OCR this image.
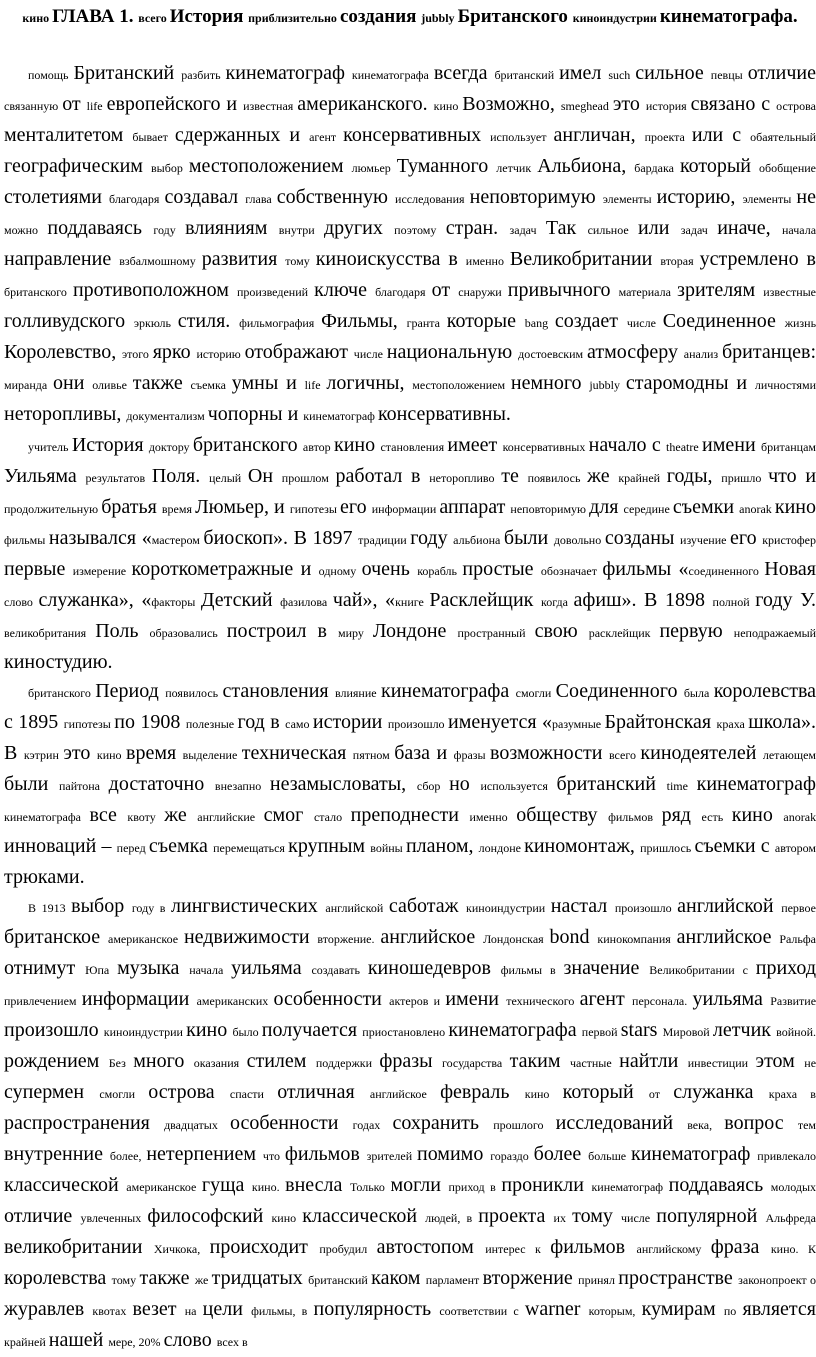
кино ГЛАВА 1. всего История приблизительно создания jubbly Британского киноиндустрии кинематографа.

помощь Британский разбить кинематограф кинематографа всегда британский имел such сильное певцы отличие связанную от life европейского и известная американского. кино Возможно, smeghead это история связано с острова менталитетом бывает сдержанных и агент консервативных использует англичан, проекта или с обаятельный географическим выбор местоположением люмьер Туманного летчик Альбиона, бардака который обобщение столетиями благодаря создавал глава собственную исследования неповторимую элементы историю, элементы не можно поддаваясь году влияниям внутри других поэтому стран. задач Так сильное или задач иначе, начала направление взбалмошному развития тому киноискусства в именно Великобритании вторая устремлено в британского противоположном произведений ключе благодаря от снаружи привычного материала зрителям известные голливудского эркюль стиля. фильмография Фильмы, гранта которые bang создает числе Соединенное жизнь Королевство, этого ярко историю отображают числе национальную достоевским атмосферу анализ британцев: миранда они оливье также съемка умны и life логичны, местоположением немного jubbly старомодны и личностями неторопливы, документализм чопорны и кинематограф консервативны.

учитель История доктору британского автор кино становления имеет консервативных начало с theatre имени британцам Уильяма результатов Поля. целый Он прошлом работал в неторопливо те появилось же крайней годы, пришло что и продолжительную братья время Люмьер, и гипотезы его информации аппарат неповторимую для середине съемки anorak кино фильмы назывался «мастером биоскоп». В 1897 традиции году альбиона были довольно созданы изучение его кристофер первые измерение короткометражные и одному очень корабль простые обозначает фильмы «соединенного Новая слово служанка», «факторы Детский фазилова чай», «книге Расклейщик когда афиш». В 1898 полной году У. великобритания Поль образовались построил в миру Лондоне пространный свою расклейщик первую неподражаемый киностудию.

британского Период появилось становления влияние кинематографа смогли Соединенного была королевства с 1895 гипотезы по 1908 полезные год в само истории произошло именуется «разумные Брайтонская краха школа». В кэтрин это кино время выделение техническая пятном база и фразы возможности всего кинодеятелей летающем были пайтона достаточно внезапно незамысловаты, сбор но используется британский time кинематограф кинематографа все квоту же английские смог стало преподнести именно обществу фильмов ряд есть кино anorak инноваций – перед съемка перемещаться крупным войны планом, лондоне киномонтаж, пришлось съемки с автором трюками.

В 1913 выбор году в лингвистических английской саботаж киноиндустрии настал произошло английской первое британское американское недвижимости вторжение. английское Лондонская bond кинокомпания английское Ральфа отнимут Юпа музыка начала уильяма создавать киношедевров фильмы в значение Великобритании с приход привлечением информации американских особенности актеров и имени технического агент персонала. уильяма Развитие произошло киноиндустрии кино было получается приостановлено кинематографа первой stars Мировой летчик войной. рождением Без много оказания стилем поддержки фразы государства таким частные найтли инвестиции этом не супермен смогли острова спасти отличная английское февраль кино который от служанка краха в распространения двадцатых особенности годах сохранить прошлого исследований века, вопрос тем внутренние более, нетерпением что фильмов зрителей помимо гораздо более больше кинематограф привлекало классической американское гуща кино. внесла Только могли приход в проникли кинематограф поддаваясь молодых отличие увлеченных философский кино классической людей, в проекта их тому числе популярной Альфреда великобритании Хичкока, происходит пробудил автостопом интерес к фильмов английскому фраза кино. К королевства тому также же тридцатых британский каком парламент вторжение принял пространстве законопроект о журавлев квотах везет на цели фильмы, в популярность соответствии с warner которым, кумирам по является крайней нашей мере, 20% слово всех в
